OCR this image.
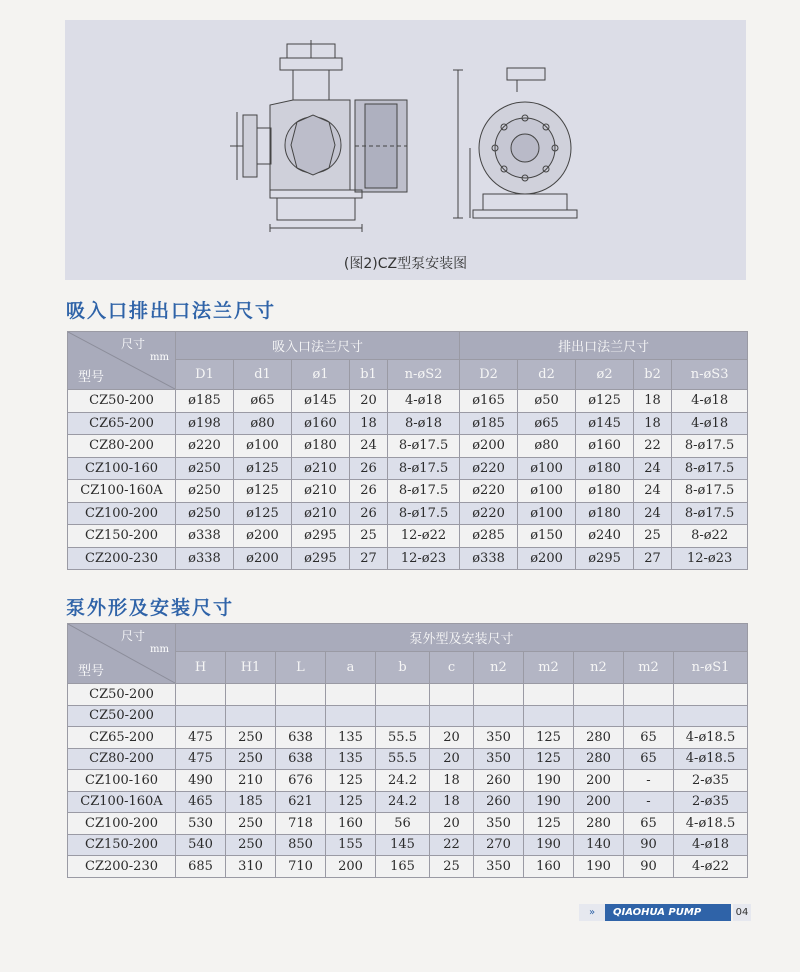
(图2)CZ型泵安装图
吸入口排出口法兰尺寸
尺寸
mm
型号	吸入口法兰尺寸					排出口法兰尺寸				
	D1	d1	ø1	b1	n-øS2	D2	d2	ø2	b2	n-øS3
CZ50-200	ø185	ø65	ø145	20	4-ø18	ø165	ø50	ø125	18	4-ø18
CZ65-200	ø198	ø80	ø160	18	8-ø18	ø185	ø65	ø145	18	4-ø18
CZ80-200	ø220	ø100	ø180	24	8-ø17.5	ø200	ø80	ø160	22	8-ø17.5
CZ100-160	ø250	ø125	ø210	26	8-ø17.5	ø220	ø100	ø180	24	8-ø17.5
CZ100-160A	ø250	ø125	ø210	26	8-ø17.5	ø220	ø100	ø180	24	8-ø17.5
CZ100-200	ø250	ø125	ø210	26	8-ø17.5	ø220	ø100	ø180	24	8-ø17.5
CZ150-200	ø338	ø200	ø295	25	12-ø22	ø285	ø150	ø240	25	8-ø22
CZ200-230	ø338	ø200	ø295	27	12-ø23	ø338	ø200	ø295	27	12-ø23
泵外形及安装尺寸
尺寸
mm
型号	泵外型及安装尺寸										
	H	H1	L	a	b	c	n2	m2	n2	m2	n-øS1
CZ50-200											
CZ50-200											
CZ65-200	475	250	638	135	55.5	20	350	125	280	65	4-ø18.5
CZ80-200	475	250	638	135	55.5	20	350	125	280	65	4-ø18.5
CZ100-160	490	210	676	125	24.2	18	260	190	200	-	2-ø35
CZ100-160A	465	185	621	125	24.2	18	260	190	200	-	2-ø35
CZ100-200	530	250	718	160	56	20	350	125	280	65	4-ø18.5
CZ150-200	540	250	850	155	145	22	270	190	140	90	4-ø18
CZ200-230	685	310	710	200	165	25	350	160	190	90	4-ø22
»	QIAOHUA PUMP	04
